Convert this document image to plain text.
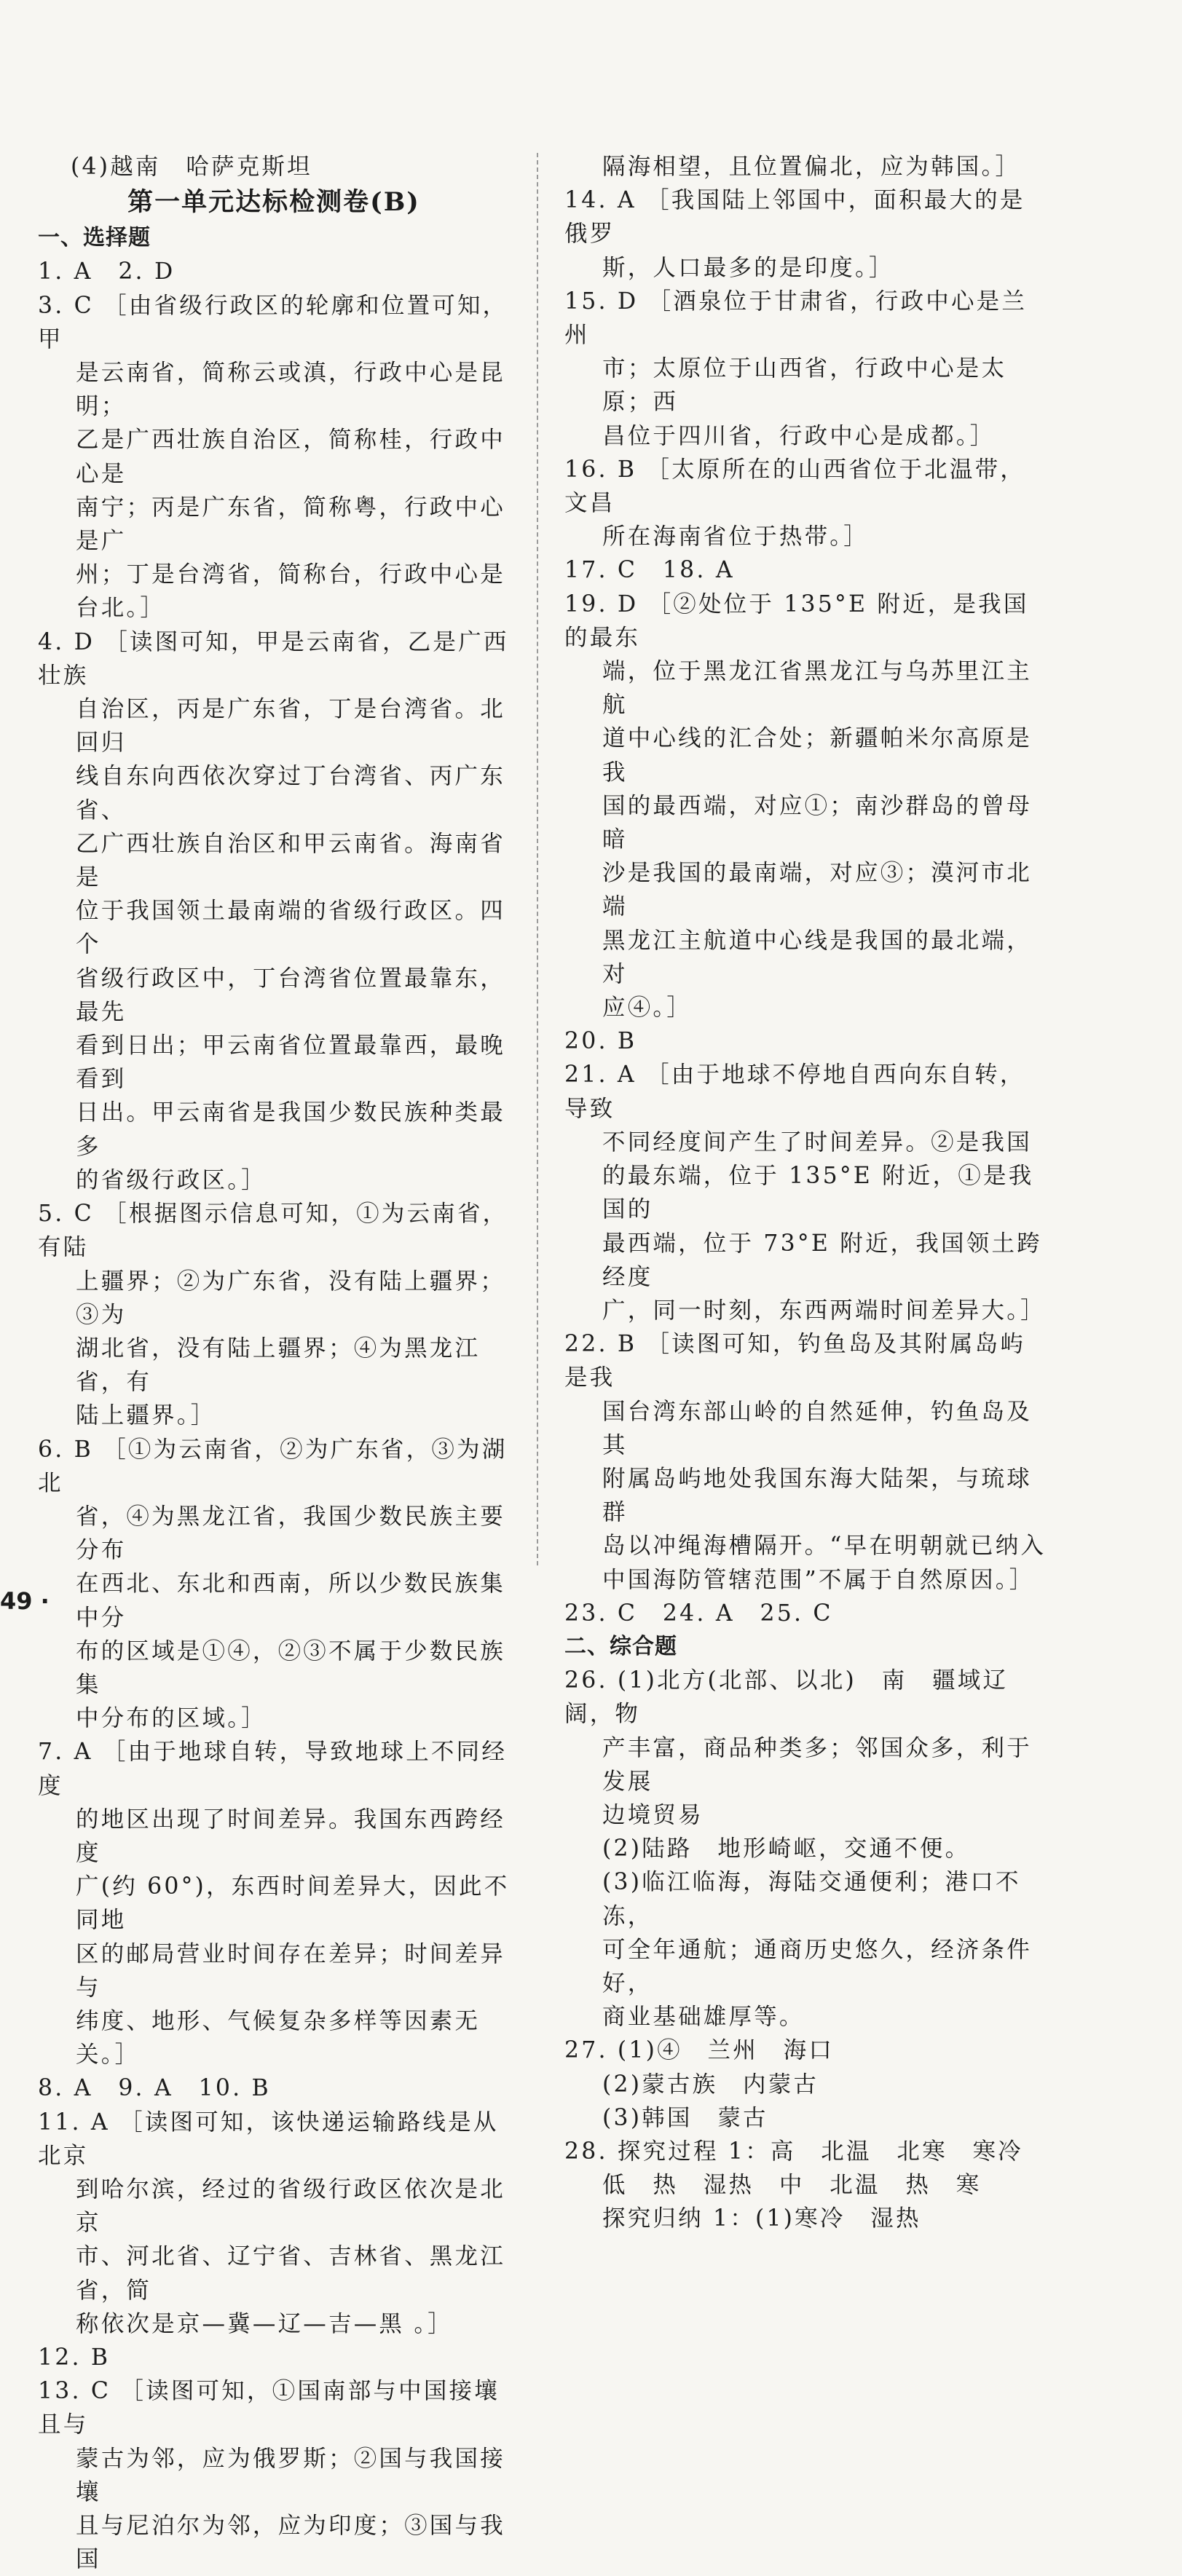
(4)越南　哈萨克斯坦
第一单元达标检测卷(B)
一、选择题
1. A　2. D
3. C ［由省级行政区的轮廓和位置可知，甲
是云南省，简称云或滇，行政中心是昆明；
乙是广西壮族自治区，简称桂，行政中心是
南宁；丙是广东省，简称粤，行政中心是广
州；丁是台湾省，简称台，行政中心是台北。］
4. D ［读图可知，甲是云南省，乙是广西壮族
自治区，丙是广东省，丁是台湾省。北回归
线自东向西依次穿过丁台湾省、丙广东省、
乙广西壮族自治区和甲云南省。海南省是
位于我国领土最南端的省级行政区。四个
省级行政区中，丁台湾省位置最靠东，最先
看到日出；甲云南省位置最靠西，最晚看到
日出。甲云南省是我国少数民族种类最多
的省级行政区。］
5. C ［根据图示信息可知，①为云南省，有陆
上疆界；②为广东省，没有陆上疆界；③为
湖北省，没有陆上疆界；④为黑龙江省，有
陆上疆界。］
6. B ［①为云南省，②为广东省，③为湖北
省，④为黑龙江省，我国少数民族主要分布
在西北、东北和西南，所以少数民族集中分
布的区域是①④，②③不属于少数民族集
中分布的区域。］
7. A ［由于地球自转，导致地球上不同经度
的地区出现了时间差异。我国东西跨经度
广(约 60°)，东西时间差异大，因此不同地
区的邮局营业时间存在差异；时间差异与
纬度、地形、气候复杂多样等因素无关。］
8. A　9. A　10. B
11. A ［读图可知，该快递运输路线是从北京
到哈尔滨，经过的省级行政区依次是北京
市、河北省、辽宁省、吉林省、黑龙江省，简
称依次是京—冀—辽—吉—黑 。］
12. B
13. C ［读图可知，①国南部与中国接壤且与
蒙古为邻，应为俄罗斯；②国与我国接壤
且与尼泊尔为邻，应为印度；③国与我国
隔海相望，且位置偏北，应为韩国。］
14. A ［我国陆上邻国中，面积最大的是俄罗
斯，人口最多的是印度。］
15. D ［酒泉位于甘肃省，行政中心是兰州
市；太原位于山西省，行政中心是太原；西
昌位于四川省，行政中心是成都。］
16. B ［太原所在的山西省位于北温带，文昌
所在海南省位于热带。］
17. C　18. A
19. D ［②处位于 135°E 附近，是我国的最东
端，位于黑龙江省黑龙江与乌苏里江主航
道中心线的汇合处；新疆帕米尔高原是我
国的最西端，对应①；南沙群岛的曾母暗
沙是我国的最南端，对应③；漠河市北端
黑龙江主航道中心线是我国的最北端，对
应④。］
20. B
21. A ［由于地球不停地自西向东自转，导致
不同经度间产生了时间差异。②是我国
的最东端，位于 135°E 附近，①是我国的
最西端，位于 73°E 附近，我国领土跨经度
广，同一时刻，东西两端时间差异大。］
22. B ［读图可知，钓鱼岛及其附属岛屿是我
国台湾东部山岭的自然延伸，钓鱼岛及其
附属岛屿地处我国东海大陆架，与琉球群
岛以冲绳海槽隔开。“早在明朝就已纳入
中国海防管辖范围”不属于自然原因。］
23. C　24. A　25. C
二、综合题
26. (1)北方(北部、以北)　南　疆域辽阔，物
产丰富，商品种类多；邻国众多，利于发展
边境贸易
(2)陆路　地形崎岖，交通不便。
(3)临江临海，海陆交通便利；港口不冻，
可全年通航；通商历史悠久，经济条件好，
商业基础雄厚等。
27. (1)④　兰州　海口
(2)蒙古族　内蒙古
(3)韩国　蒙古
28. 探究过程 1：高　北温　北寒　寒冷
低　热　湿热　中　北温　热　寒
探究归纳 1：(1)寒冷　湿热
49 ·
